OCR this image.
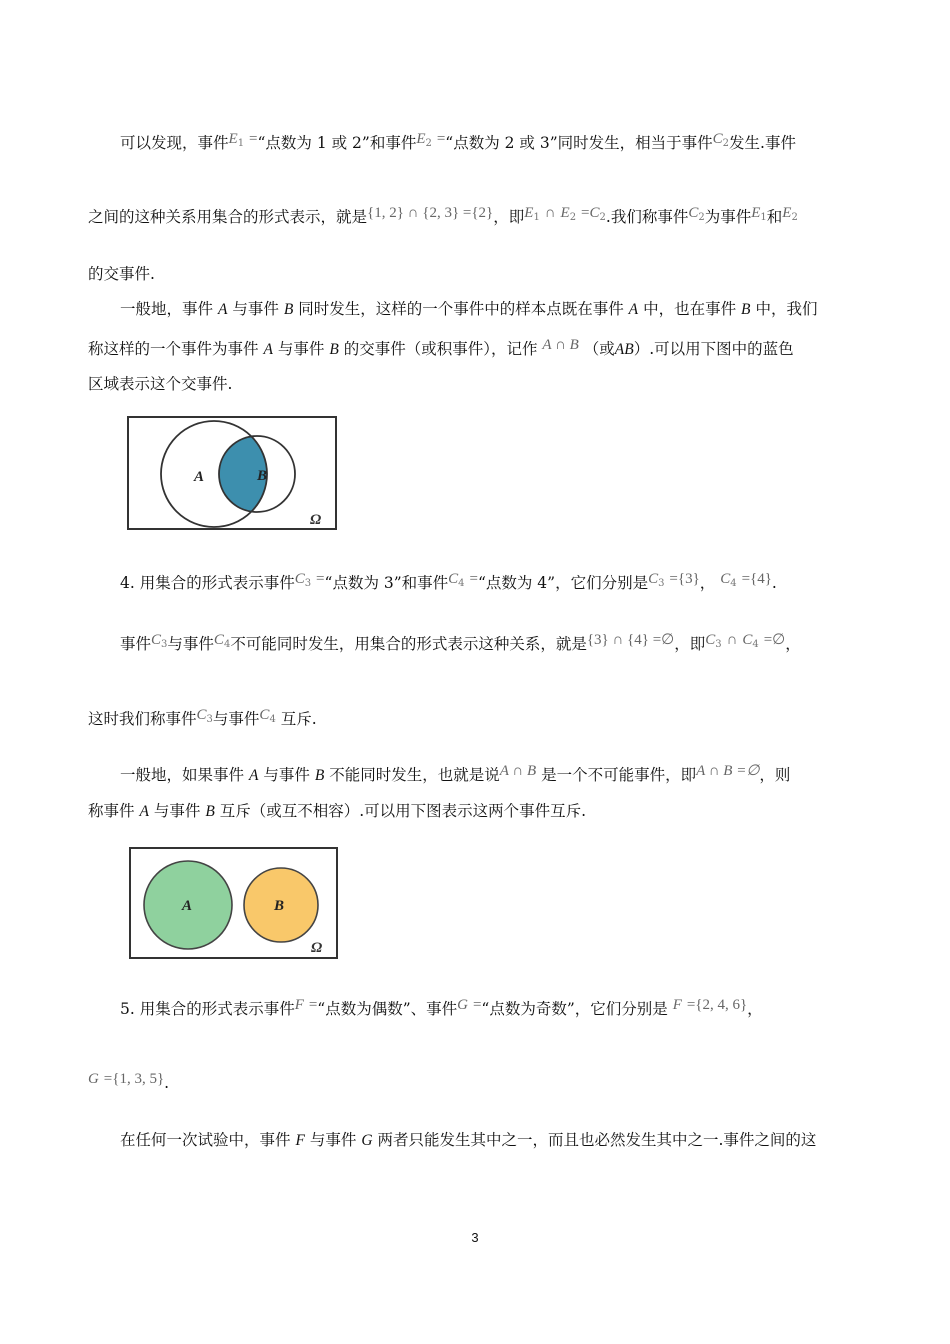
可以发现，事件$E_1$ =“点数为 1 或 2”和事件$E_2$ =“点数为 2 或 3”同时发生，相当于事件$C_2$发生.事件
之间的这种关系用集合的形式表示，就是{1, 2} ∩ {2, 3} ={2}，即$E_1$ ∩ $E_2 =C_2$.我们称事件$C_2$为事件$E_1$和$E_2$
的交事件.
一般地，事件 A 与事件 B 同时发生，这样的一个事件中的样本点既在事件 A 中，也在事件 B 中，我们
称这样的一个事件为事件 A 与事件 B 的交事件（或积事件），记作 A ∩ B （或AB）.可以用下图中的蓝色
区域表示这个交事件.
A	B
Ω
4. 用集合的形式表示事件$C_3$ =“点数为 3”和事件$C_4$ =“点数为 4”，它们分别是$C_3 =\{3\}$， $C_4 =\{4\}$.
事件$C_3$与事件$C_4$不可能同时发生，用集合的形式表示这种关系，就是{3} ∩ {4} =∅，即$C_3$ ∩ $C_4$ =∅，
这时我们称事件$C_3$与事件$C_4$ 互斥.
一般地，如果事件 A 与事件 B 不能同时发生，也就是说A ∩ B 是一个不可能事件，即A ∩ B =∅，则
称事件 A 与事件 B 互斥（或互不相容）.可以用下图表示这两个事件互斥.
A	B
Ω
5. 用集合的形式表示事件F =“点数为偶数”、事件G =“点数为奇数”，它们分别是 F ={2, 4, 6}，
G ={1, 3, 5}.
在任何一次试验中，事件 F 与事件 G 两者只能发生其中之一，而且也必然发生其中之一.事件之间的这
3
